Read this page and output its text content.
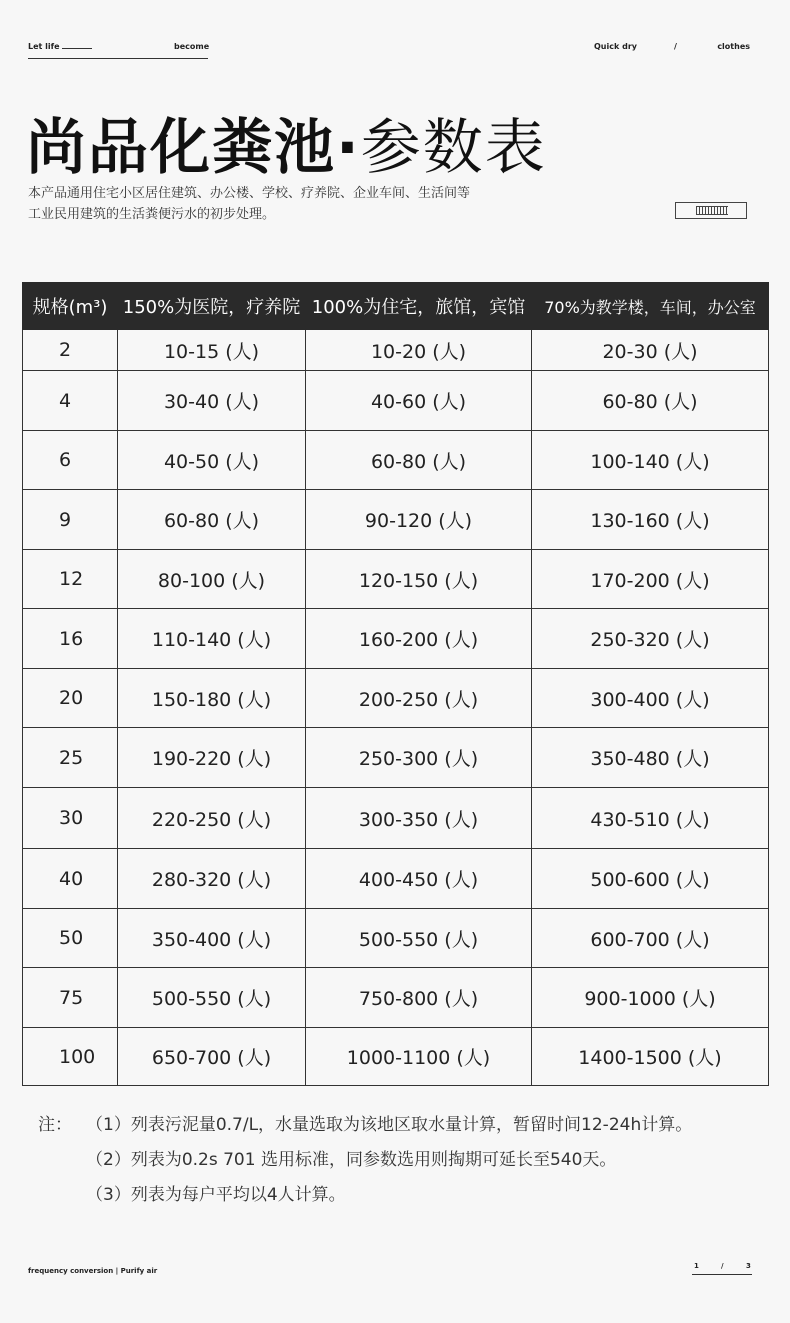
Let life	become	Quick dry	/	clothes
尚品化粪池·参数表
本产品通用住宅小区居住建筑、办公楼、学校、疗养院、企业车间、生活间等
工业民用建筑的生活粪便污水的初步处理。
规格(m³)	150%为医院，疗养院	100%为住宅，旅馆，宾馆	70%为教学楼，车间，办公室
2	10-15 (人)	10-20 (人)	20-30 (人)
4	30-40 (人)	40-60 (人)	60-80 (人)
6	40-50 (人)	60-80 (人)	100-140 (人)
9	60-80 (人)	90-120 (人)	130-160 (人)
12	80-100 (人)	120-150 (人)	170-200 (人)
16	110-140 (人)	160-200 (人)	250-320 (人)
20	150-180 (人)	200-250 (人)	300-400 (人)
25	190-220 (人)	250-300 (人)	350-480 (人)
30	220-250 (人)	300-350 (人)	430-510 (人)
40	280-320 (人)	400-450 (人)	500-600 (人)
50	350-400 (人)	500-550 (人)	600-700 (人)
75	500-550 (人)	750-800 (人)	900-1000 (人)
100	650-700 (人)	1000-1100 (人)	1400-1500 (人)
注： （1）列表污泥量0.7/L，水量选取为该地区取水量计算，暂留时间12-24h计算。
（2）列表为0.2s 701 选用标准，同参数选用则掏期可延长至540天。
（3）列表为每户平均以4人计算。
frequency conversion | Purify air
1	/	3
